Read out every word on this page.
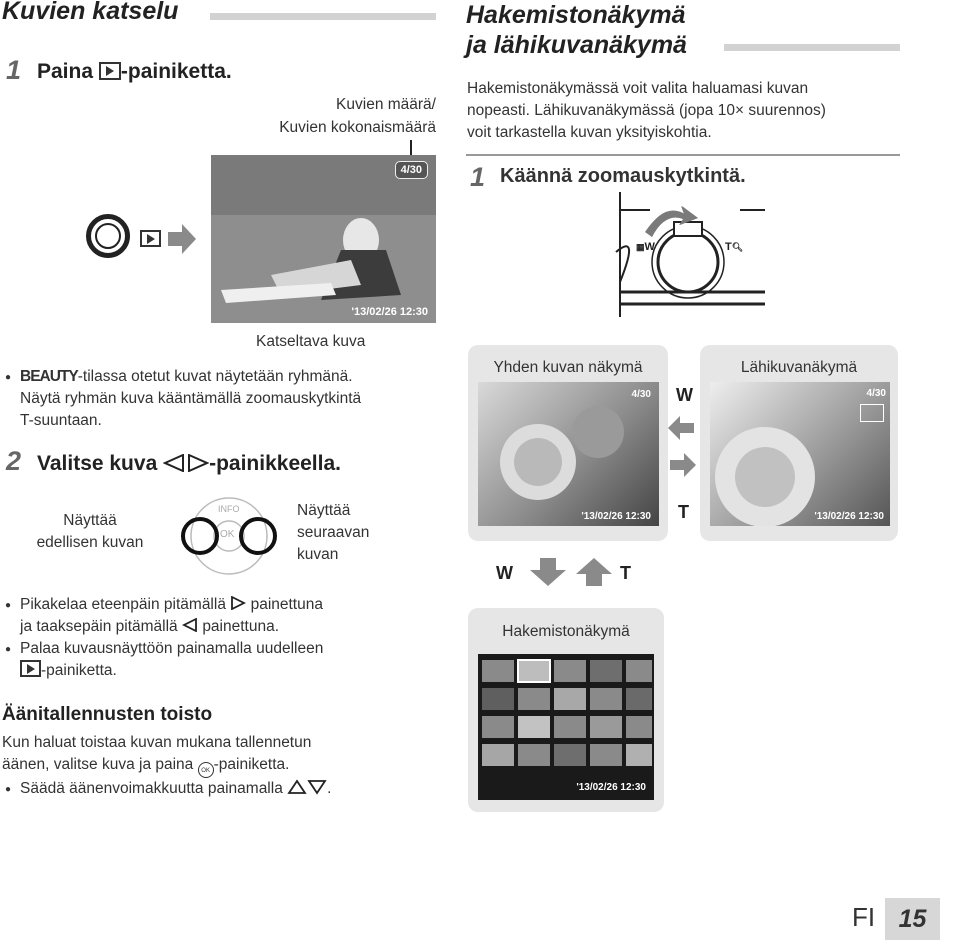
Kuvien katselu
1 Paina -painiketta.
Kuvien määrä/
Kuvien kokonaismäärä
4/30
'13/02/26 12:30
Katseltava kuva
BEAUTY-tilassa otetut kuvat näytetään ryhmänä.
Näytä ryhmän kuva kääntämällä zoomauskytkintä
T-suuntaan.
2 Valitse kuva -painikkeella.
Näyttää
edellisen kuvan
INFO
OK
Näyttää
seuraavan
kuvan
Pikakelaa eteenpäin pitämällä painettuna
ja taaksepäin pitämällä painettuna.
Palaa kuvausnäyttöön painamalla uudelleen
-painiketta.
Äänitallennusten toisto
Kun haluat toistaa kuvan mukana tallennetun
äänen, valitse kuva ja paina OK -painiketta.
Säädä äänenvoimakkuutta painamalla	.
Hakemistonäkymä
ja lähikuvanäkymä
Hakemistonäkymässä voit valita haluamasi kuvan
nopeasti. Lähikuvanäkymässä (jopa 10× suurennos)
voit tarkastella kuvan yksityiskohtia.
1 Käännä zoomauskytkintä.
▦W	T🔍︎
Yhden kuvan näkymä
4/30
'13/02/26 12:30
Lähikuvanäkymä
4/30
'13/02/26 12:30
W
T
W	T
Hakemistonäkymä
'13/02/26 12:30
FI 15
